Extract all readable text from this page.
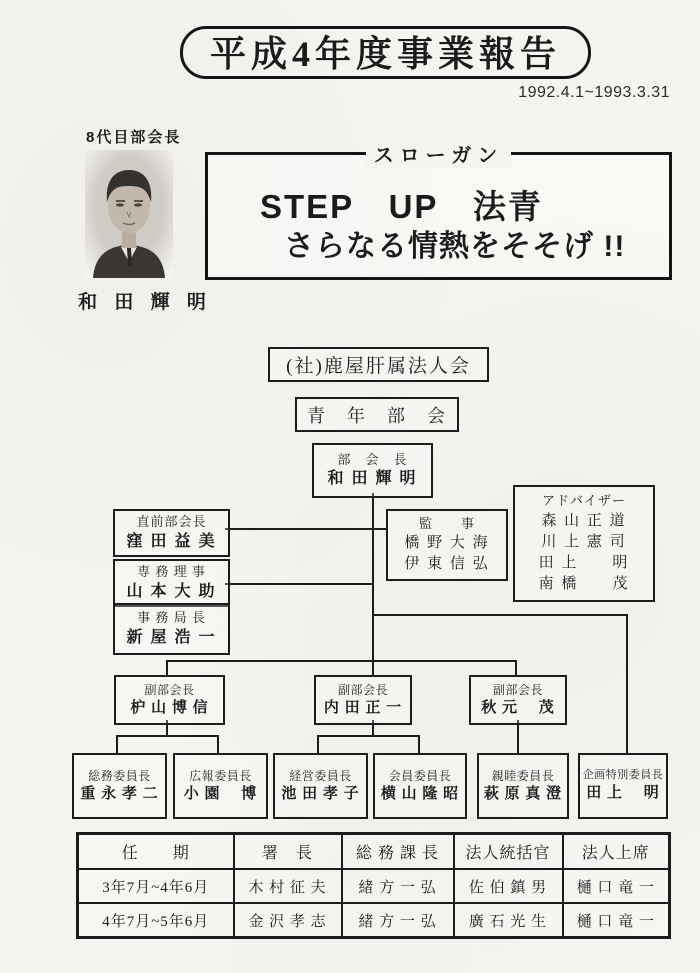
平成4年度事業報告
1992.4.1~1993.3.31
8代目部会長
和 田 輝 明
スローガン
STEP　UP　法青
さらなる情熱をそそげ !!
(社)鹿屋肝属法人会
青　年　部　会
部　会　長
和 田 輝 明
アドバイザー
森 山 正 道
川 上 憲 司
田 上　　明
南 橋　　茂
直前部会長
窪 田 益 美
監　　事
橋 野 大 海
伊 東 信 弘
専 務 理 事
山 本 大 助
事 務 局 長
新 屋 浩 一
副部会長
枦 山 博 信
副部会長
内 田 正 一
副部会長
秋 元　 茂
総務委員長
重 永 孝 二
広報委員長
小 園　 博
経営委員長
池 田 孝 子
会員委員長
横 山 隆 昭
親睦委員長
萩 原 真 澄
企画特別委員長
田 上　 明
任　　期	署　長	総 務 課 長	法人統括官	法人上席
3年7月~4年6月	木 村 征 夫	緒 方 一 弘	佐 伯 鎮 男	樋 口 竜 一
4年7月~5年6月	金 沢 孝 志	緒 方 一 弘	廣 石 光 生	樋 口 竜 一
